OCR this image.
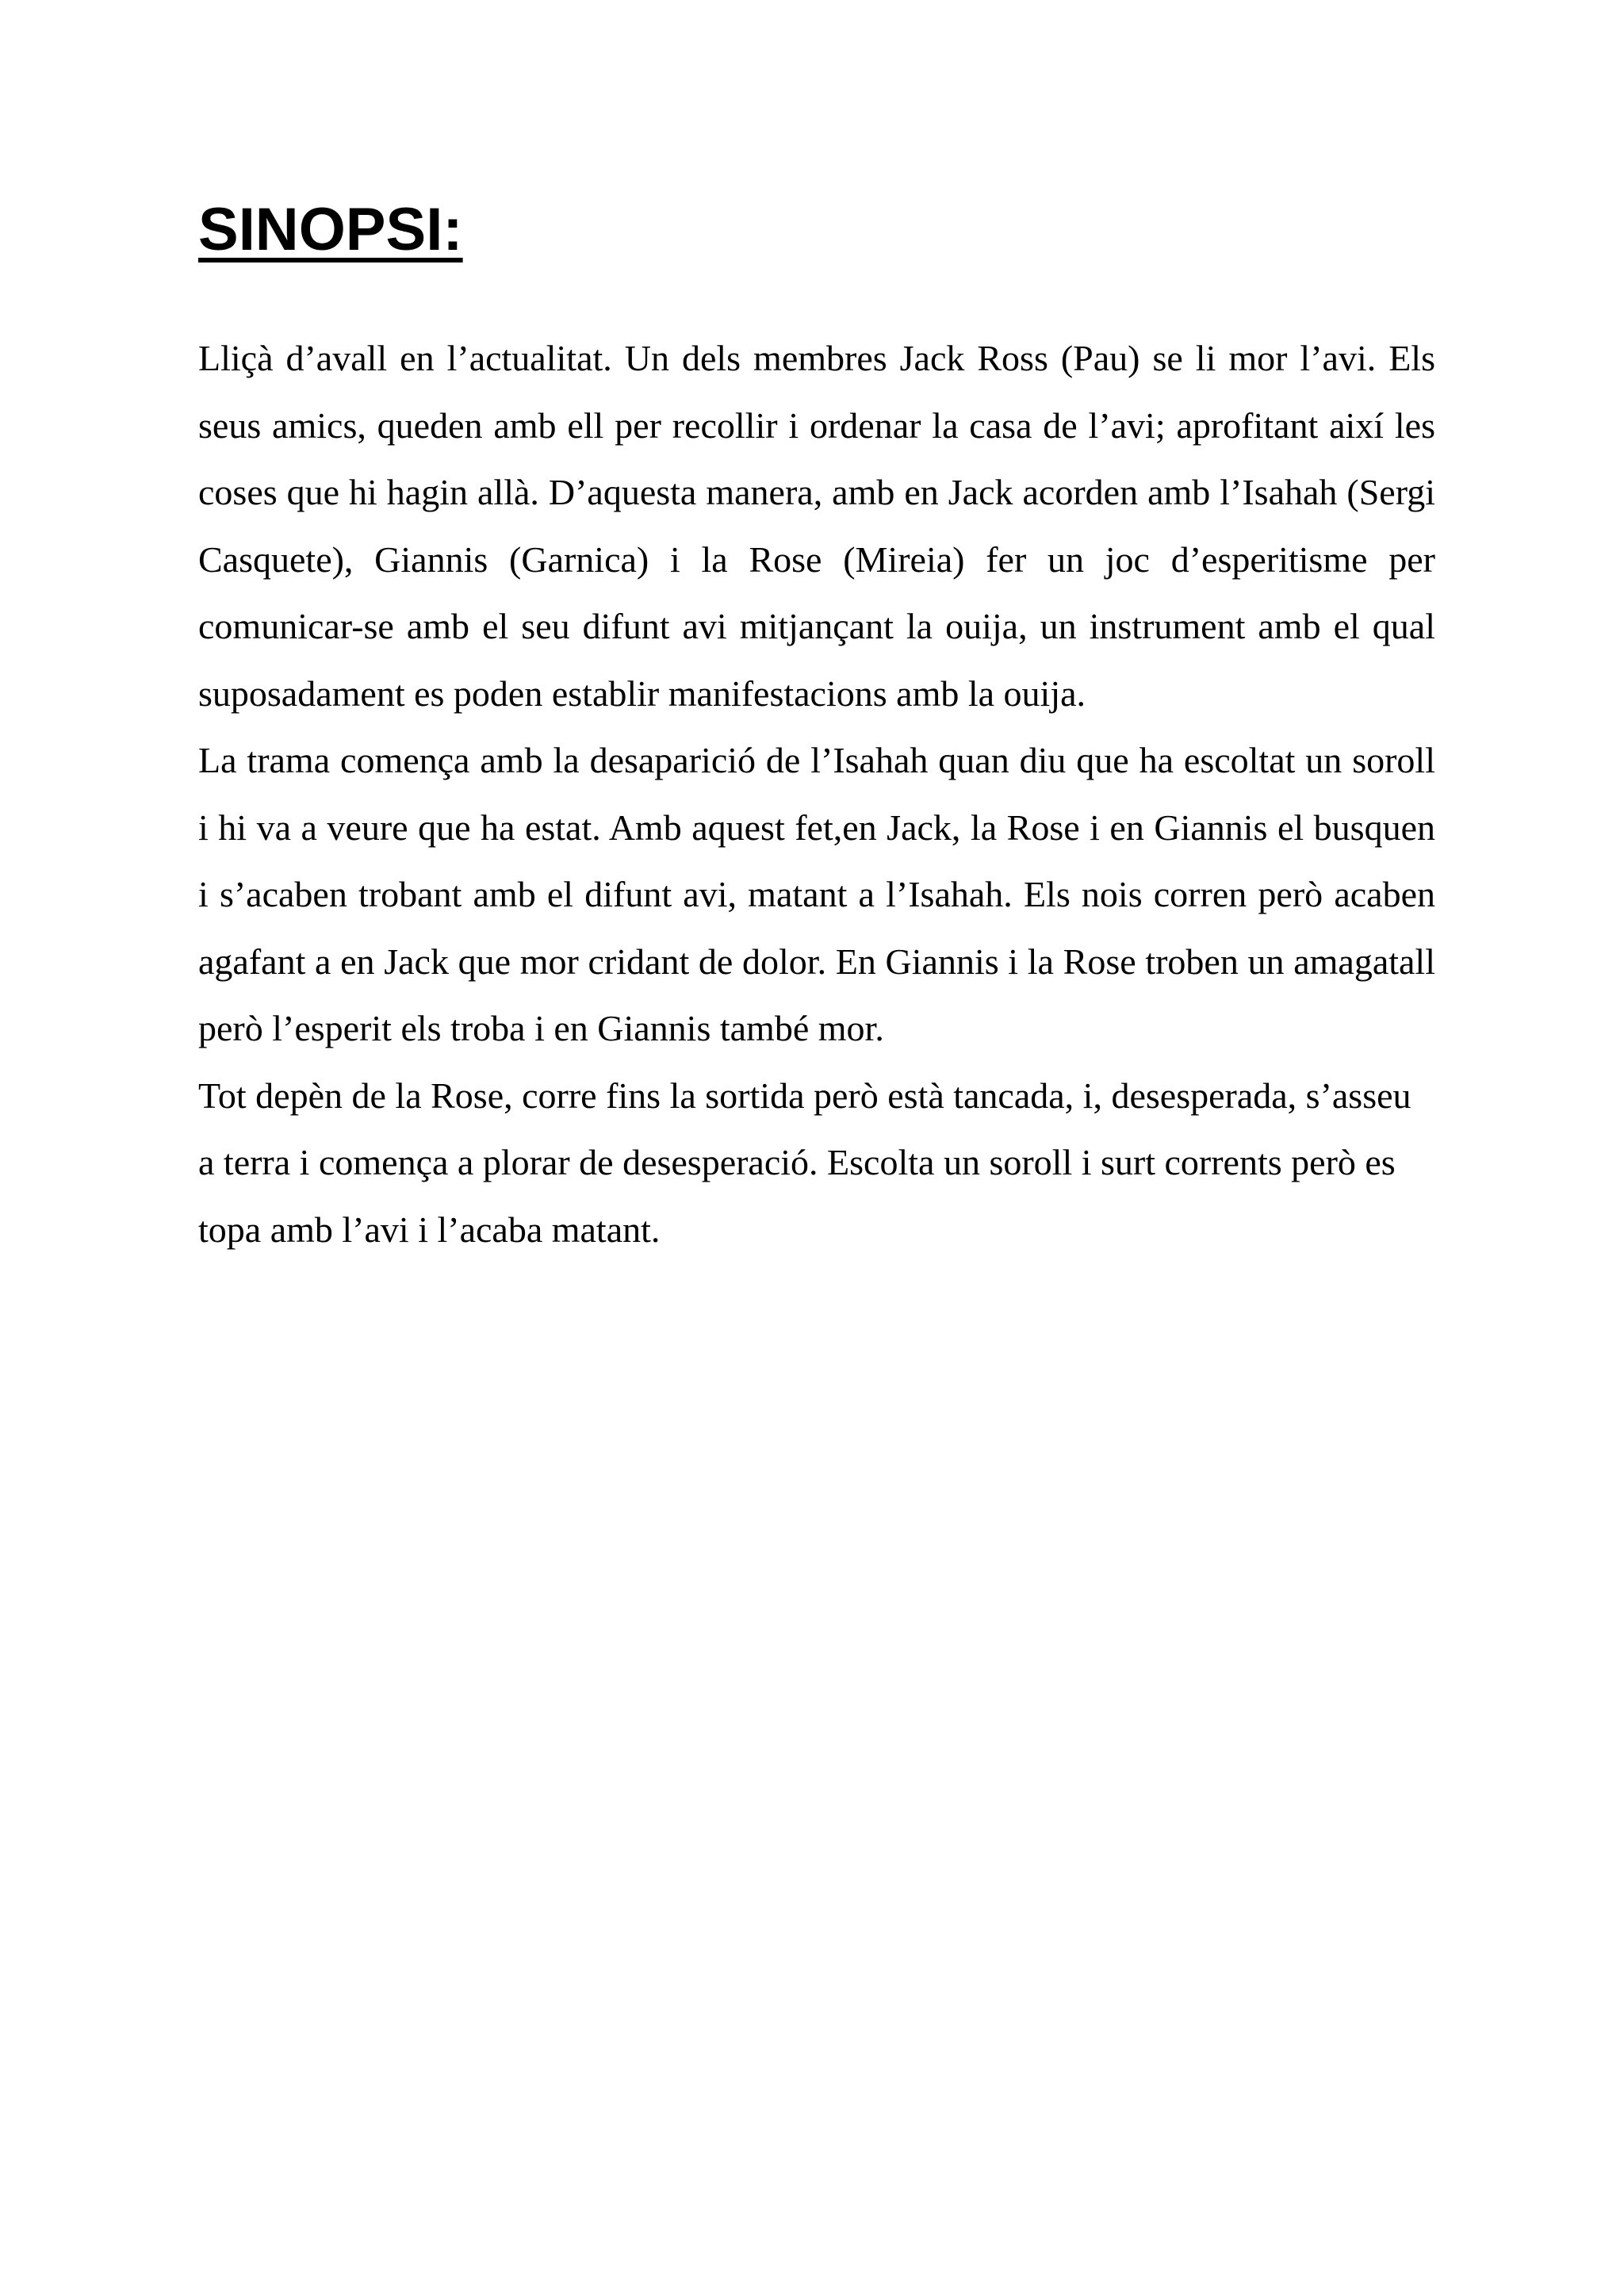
SINOPSI:

Lliçà d’avall en l’actualitat. Un dels membres Jack Ross (Pau) se li mor l’avi. Els seus amics, queden amb ell per recollir i ordenar la casa de l’avi; aprofitant així les coses que hi hagin allà. D’aquesta manera, amb en Jack acorden amb l’Isahah (Sergi Casquete), Giannis (Garnica) i la Rose (Mireia) fer un joc d’esperitisme per comunicar-se amb el seu difunt avi mitjançant la ouija, un instrument amb el qual suposadament es poden establir manifestacions amb la ouija.

La trama comença amb la desaparició de l’Isahah quan diu que ha escoltat un soroll i hi va a veure que ha estat. Amb aquest fet,en Jack, la Rose i en Giannis el busquen i s’acaben trobant amb el difunt avi, matant a l’Isahah. Els nois corren però acaben agafant a en Jack que mor cridant de dolor. En Giannis i la Rose troben un amagatall però l’esperit els troba i en Giannis també mor.

Tot depèn de la Rose, corre fins la sortida però està tancada, i, desesperada, s’asseu a terra i comença a plorar de desesperació. Escolta un soroll i surt corrents però es topa amb l’avi i l’acaba matant.
